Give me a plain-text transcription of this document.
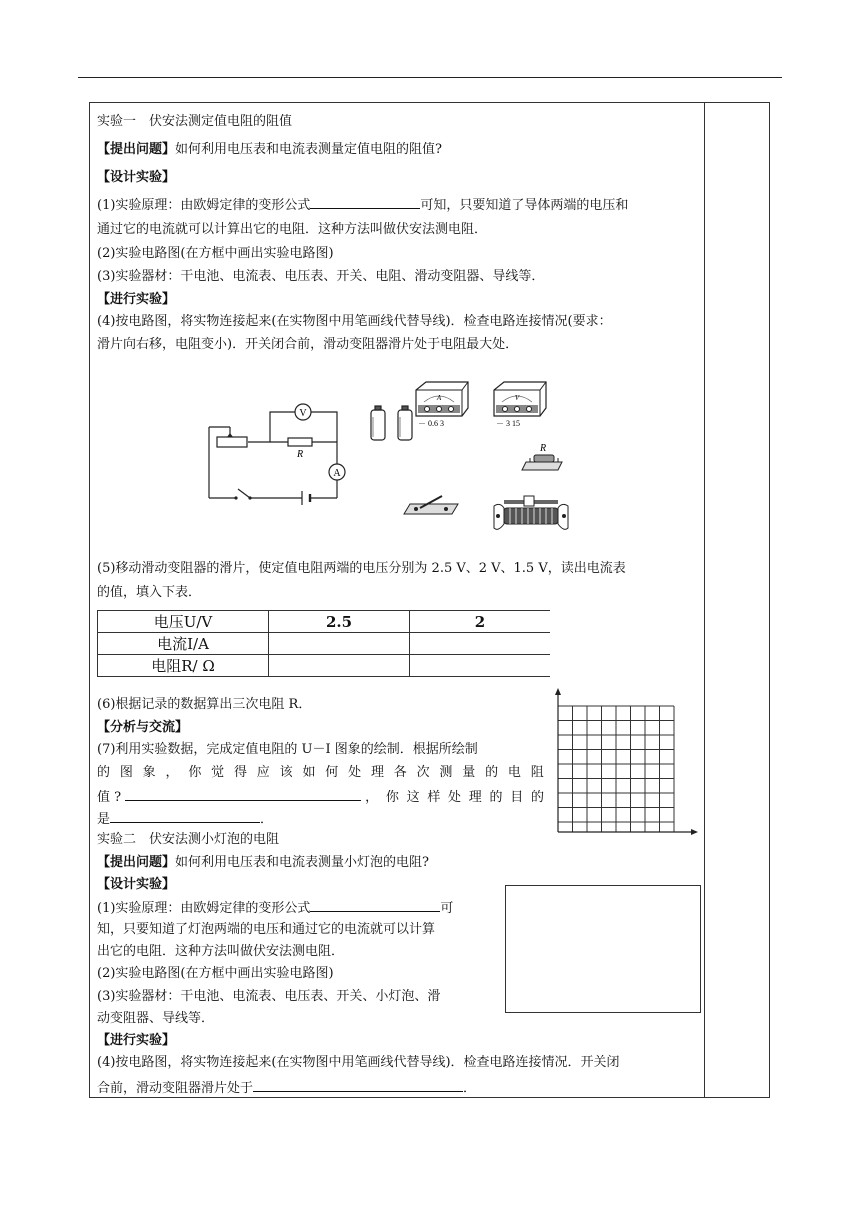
实验一　伏安法测定值电阻的阻值
【提出问题】如何利用电压表和电流表测量定值电阻的阻值?
【设计实验】
(1)实验原理：由欧姆定律的变形公式	可知，只要知道了导体两端的电压和
通过它的电流就可以计算出它的电阻．这种方法叫做伏安法测电阻．
(2)实验电路图(在方框中画出实验电路图)
(3)实验器材：干电池、电流表、电压表、开关、电阻、滑动变阻器、导线等．
【进行实验】
(4)按电路图，将实物连接起来(在实物图中用笔画线代替导线)．检查电路连接情况(要求：
滑片向右移，电阻变小)．开关闭合前，滑动变阻器滑片处于电阻最大处．
V
A
R
A
－ 0.6 3
V
－ 3 15
R
(5)移动滑动变阻器的滑片，使定值电阻两端的电压分别为 2.5 V、2 V、1.5 V，读出电流表
的值，填入下表．
电压U/V	2.5	2
电流I/A		
电阻R/ Ω		
(6)根据记录的数据算出三次电阻 R．
【分析与交流】
(7)利用实验数据，完成定值电阻的 U－I 图象的绘制．根据所绘制
的 图 象 ， 你 觉 得 应 该 如 何 处 理 各 次 测 量 的 电 阻
值 ?	， 你 这 样 处 理 的 目 的
是	．
实验二　伏安法测小灯泡的电阻
【提出问题】如何利用电压表和电流表测量小灯泡的电阻?
【设计实验】
(1)实验原理：由欧姆定律的变形公式	可
知，只要知道了灯泡两端的电压和通过它的电流就可以计算
出它的电阻．这种方法叫做伏安法测电阻．
(2)实验电路图(在方框中画出实验电路图)
(3)实验器材：干电池、电流表、电压表、开关、小灯泡、滑
动变阻器、导线等．
【进行实验】
(4)按电路图，将实物连接起来(在实物图中用笔画线代替导线)．检查电路连接情况．开关闭
合前，滑动变阻器滑片处于	．
